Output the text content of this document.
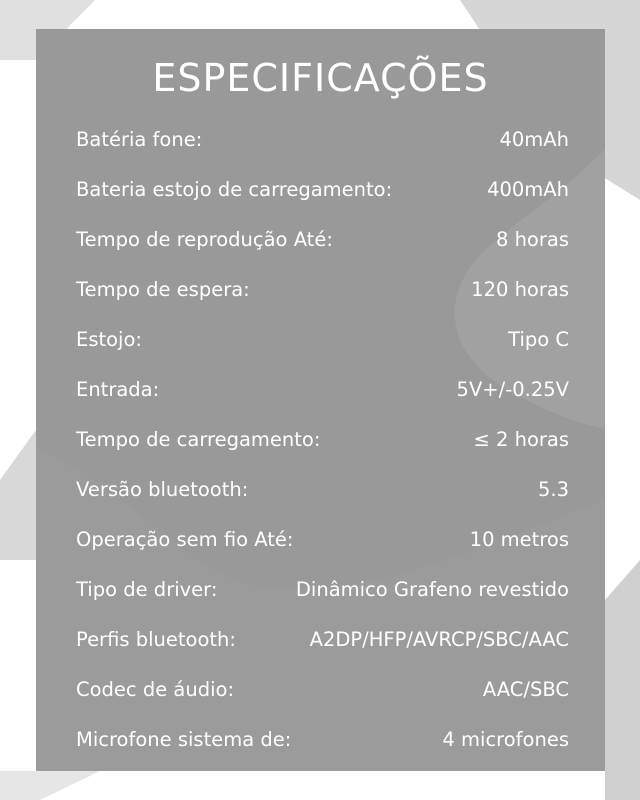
ESPECIFICAÇÕES
Batéria fone:	40mAh
Bateria estojo de carregamento:	400mAh
Tempo de reprodução Até:	8 horas
Tempo de espera:	120 horas
Estojo:	Tipo C
Entrada:	5V+/-0.25V
Tempo de carregamento:	≤ 2 horas
Versão bluetooth:	5.3
Operação sem fio Até:	10 metros
Tipo de driver:	Dinâmico Grafeno revestido
Perfis bluetooth:	A2DP/HFP/AVRCP/SBC/AAC
Codec de áudio:	AAC/SBC
Microfone sistema de:	4 microfones
